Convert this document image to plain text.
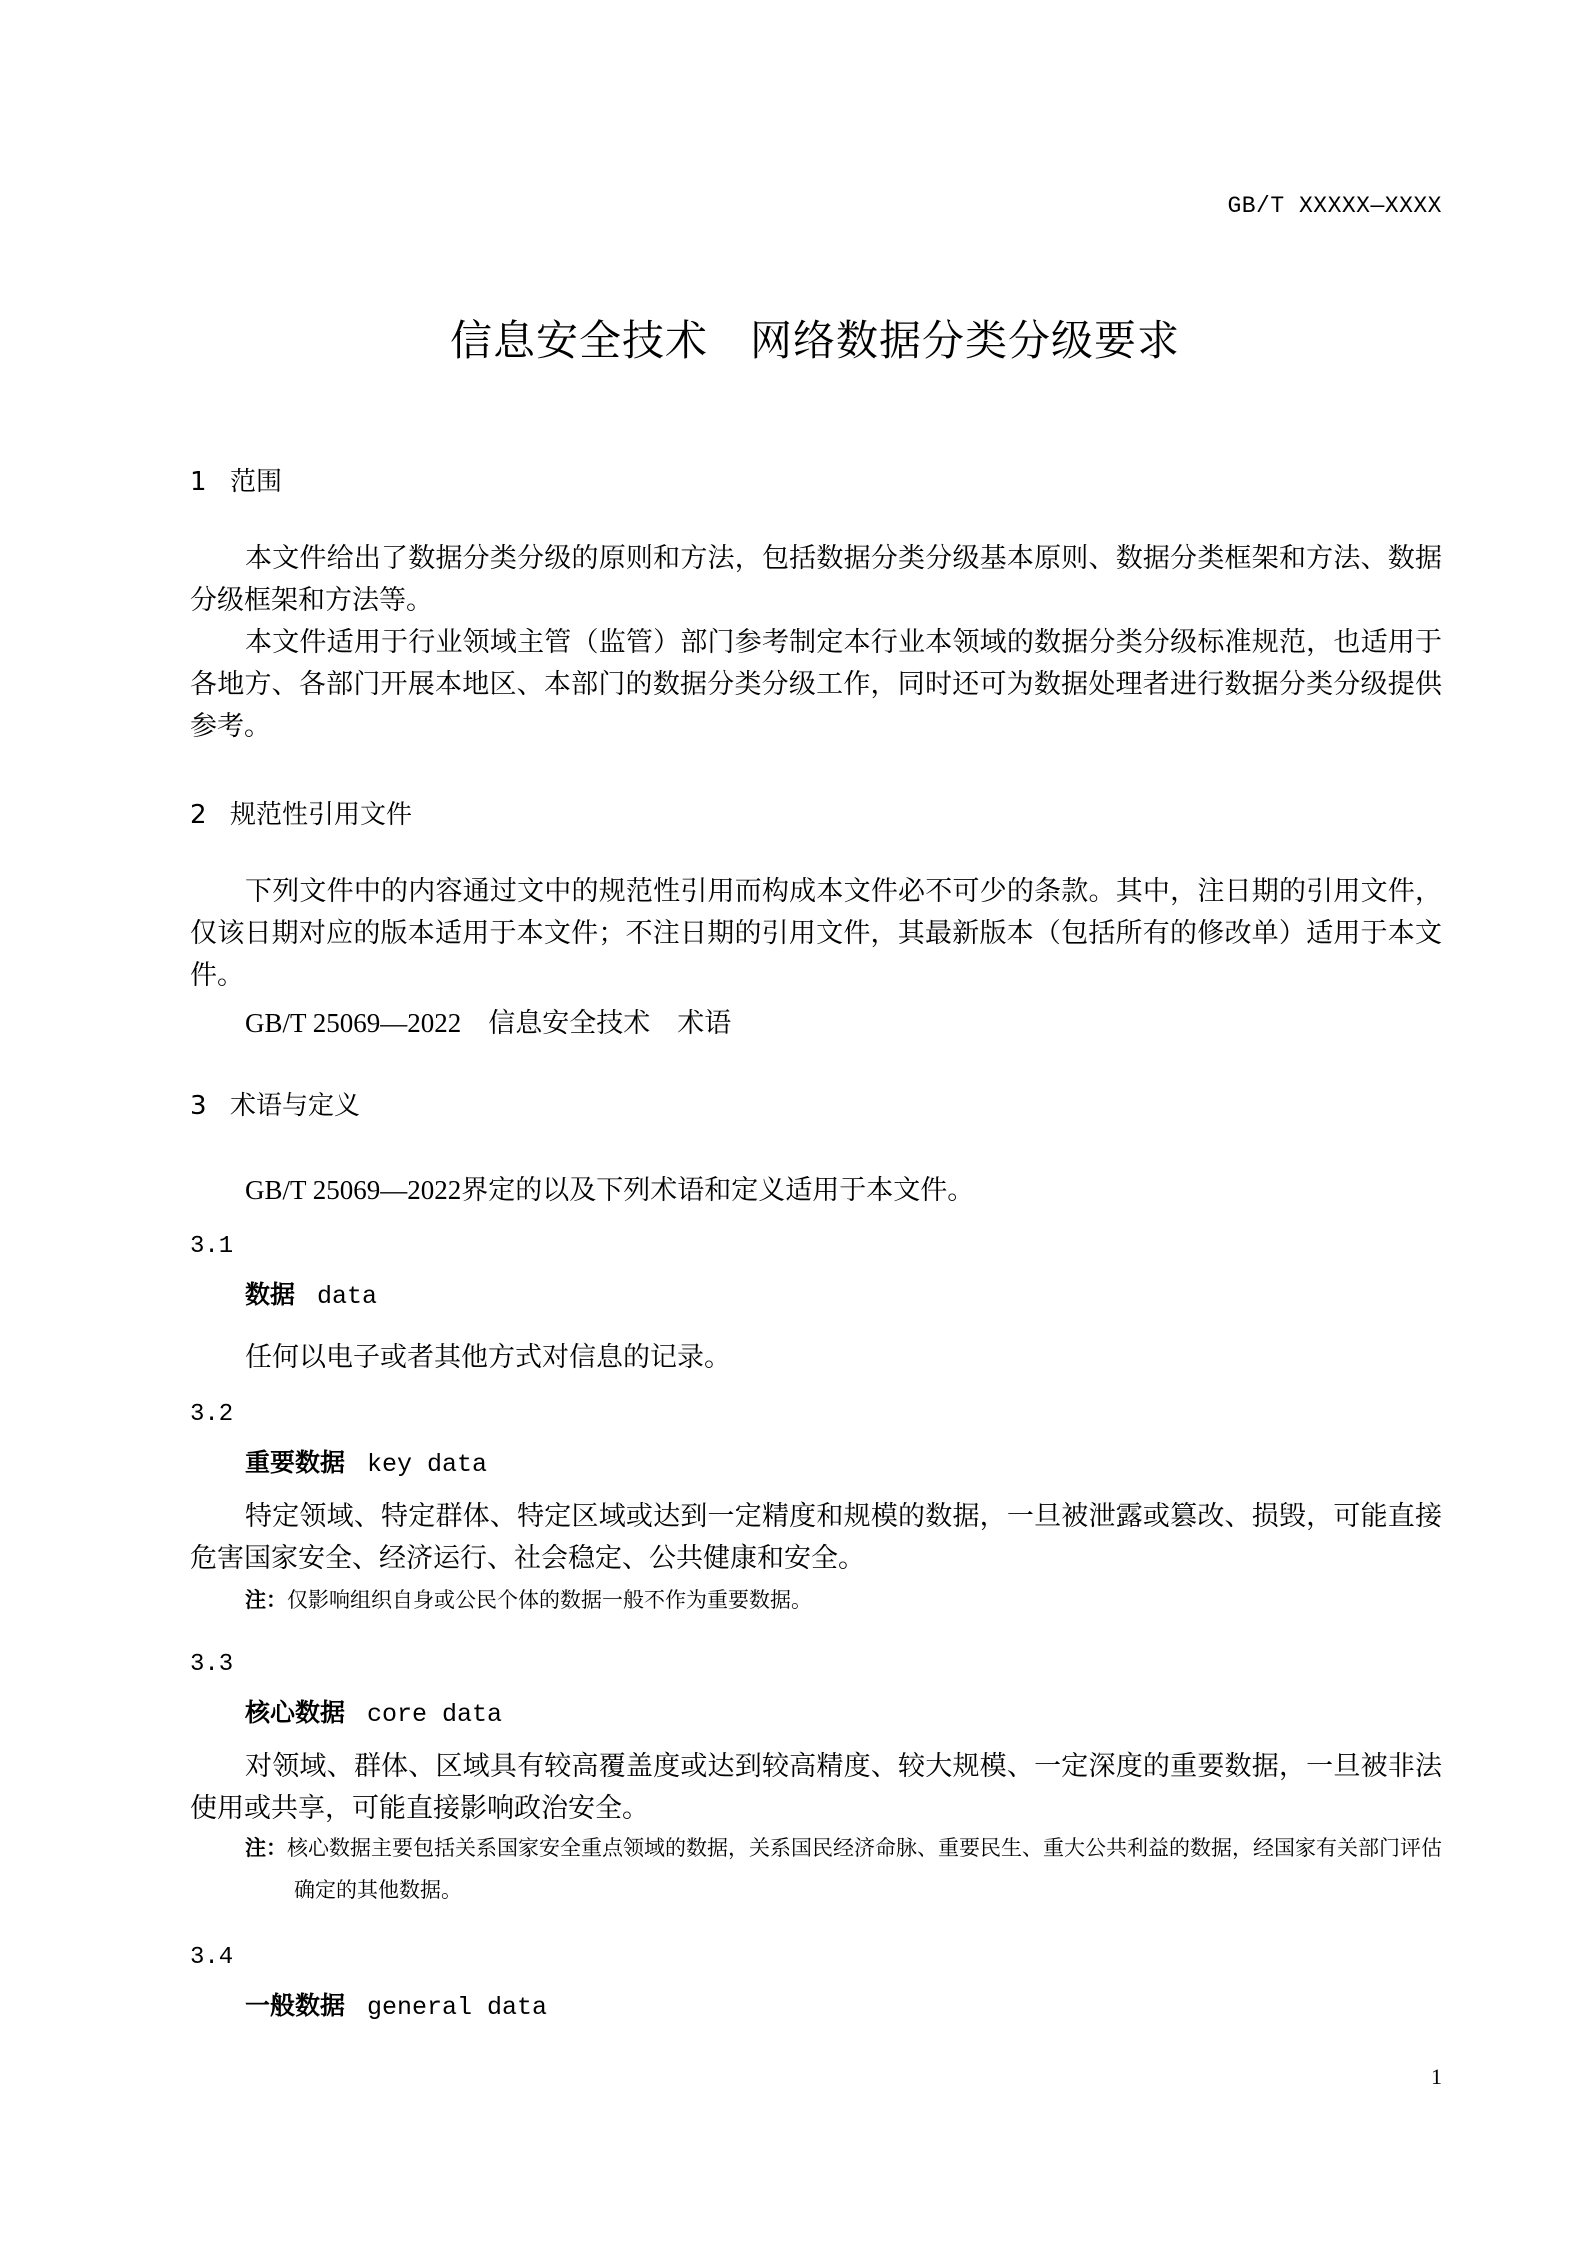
GB/T XXXXX—XXXX
信息安全技术 网络数据分类分级要求
1 范围
本文件给出了数据分类分级的原则和方法，包括数据分类分级基本原则、数据分类框架和方法、数据分级框架和方法等。
本文件适用于行业领域主管（监管）部门参考制定本行业本领域的数据分类分级标准规范，也适用于各地方、各部门开展本地区、本部门的数据分类分级工作，同时还可为数据处理者进行数据分类分级提供参考。
2 规范性引用文件
下列文件中的内容通过文中的规范性引用而构成本文件必不可少的条款。其中，注日期的引用文件，仅该日期对应的版本适用于本文件；不注日期的引用文件，其最新版本（包括所有的修改单）适用于本文件。
GB/T 25069—2022　信息安全技术　术语
3 术语与定义
GB/T 25069—2022界定的以及下列术语和定义适用于本文件。
3.1
数据 data
任何以电子或者其他方式对信息的记录。
3.2
重要数据 key data
特定领域、特定群体、特定区域或达到一定精度和规模的数据，一旦被泄露或篡改、损毁，可能直接危害国家安全、经济运行、社会稳定、公共健康和安全。
注：仅影响组织自身或公民个体的数据一般不作为重要数据。
3.3
核心数据 core data
对领域、群体、区域具有较高覆盖度或达到较高精度、较大规模、一定深度的重要数据，一旦被非法使用或共享，可能直接影响政治安全。
注：核心数据主要包括关系国家安全重点领域的数据，关系国民经济命脉、重要民生、重大公共利益的数据，经国家有关部门评估确定的其他数据。
3.4
一般数据 general data
1
